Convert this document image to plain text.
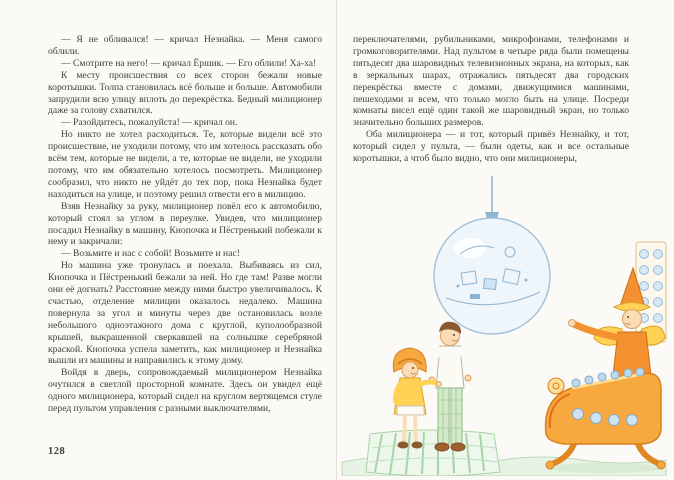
— Я не обливался! — кричал Незнайка. — Меня самого облили.

— Смотрите на него! — кричал Ёршик. — Его облили! Ха-ха!

К месту происшествия со всех сторон бежали новые коротышки. Толпа становилась всё больше и больше. Автомобили запрудили всю улицу вплоть до перекрёстка. Бедный милиционер даже за голову схватился.

— Разойдитесь, пожалуйста! — кричал он.

Но никто не хотел расходиться. Те, которые видели всё это происшествие, не уходили потому, что им хотелось рассказать обо всём тем, которые не видели, а те, которые не видели, не уходили потому, что им обязательно хотелось посмотреть. Милиционер сообразил, что никто не уйдёт до тех пор, пока Незнайка будет находиться на улице, и поэтому решил отвести его в милицию.

Взяв Незнайку за руку, милиционер повёл его к автомобилю, который стоял за углом в переулке. Увидев, что милиционер посадил Незнайку в машину, Кнопочка и Пёстренький побежали к нему и закричали:

— Возьмите и нас с собой! Возьмите и нас!

Но машина уже тронулась и поехала. Выбиваясь из сил, Кнопочка и Пёстренький бежали за ней. Но где там! Разве могли они её догнать? Расстояние между ними быстро увеличивалось. К счастью, отделение милиции оказалось недалеко. Машина повернула за угол и минуты через две остановилась возле небольшого одноэтажного дома с круглой, куполообразной крышей, выкрашенной сверкавшей на солнышке серебряной краской. Кнопочка успела заметить, как милиционер и Незнайка вышли из машины и направились к этому дому.

Войдя в дверь, сопровождаемый милиционером Незнайка очутился в светлой просторной комнате. Здесь он увидел ещё одного милиционера, который сидел на круглом вертящемся стуле перед пультом управления с разными выключателями,

128

переключателями, рубильниками, микрофонами, телефонами и громкоговорителями. Над пультом в четыре ряда были помещены пятьдесят два шаровидных телевизионных экрана, на которых, как в зеркальных шарах, отражались пятьдесят два городских перекрёстка вместе с домами, движущимися машинами, пешеходами и всем, что только могло быть на улице. Посреди комнаты висел ещё один такой же шаровидный экран, но только значительно больших размеров.

Оба милиционера — и тот, который привёз Незнайку, и тот, который сидел у пульта, — были одеты, как и все остальные коротышки, а чтоб было видно, что они милиционеры,
